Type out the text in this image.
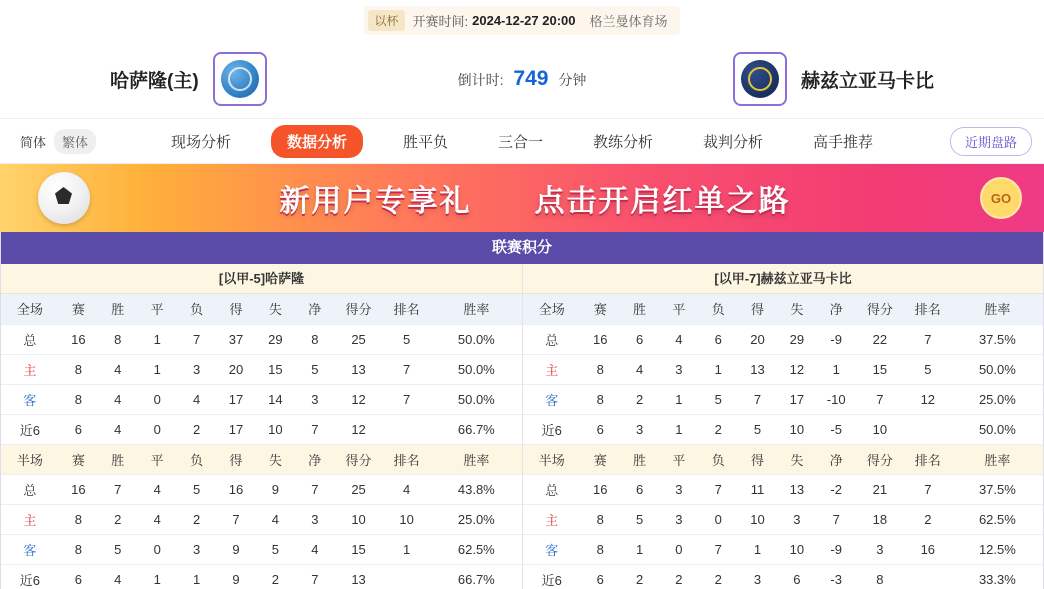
以杯	开赛时间: 2024-12-27 20:00 格兰曼体育场
哈萨隆(主)	倒计时: 749 分钟	赫兹立亚马卡比
简体	繁体	现场分析	数据分析	胜平负	三合一	教练分析	裁判分析	高手推荐	近期盘路
新用户专享礼 点击开启红单之路	GO
联赛积分
[以甲-5]哈萨隆
全场	赛	胜	平	负	得	失	净	得分	排名	胜率
总	16	8	1	7	37	29	8	25	5	50.0%
主	8	4	1	3	20	15	5	13	7	50.0%
客	8	4	0	4	17	14	3	12	7	50.0%
近6	6	4	0	2	17	10	7	12		66.7%
半场	赛	胜	平	负	得	失	净	得分	排名	胜率
总	16	7	4	5	16	9	7	25	4	43.8%
主	8	2	4	2	7	4	3	10	10	25.0%
客	8	5	0	3	9	5	4	15	1	62.5%
近6	6	4	1	1	9	2	7	13		66.7%
[以甲-7]赫兹立亚马卡比
全场	赛	胜	平	负	得	失	净	得分	排名	胜率
总	16	6	4	6	20	29	-9	22	7	37.5%
主	8	4	3	1	13	12	1	15	5	50.0%
客	8	2	1	5	7	17	-10	7	12	25.0%
近6	6	3	1	2	5	10	-5	10		50.0%
半场	赛	胜	平	负	得	失	净	得分	排名	胜率
总	16	6	3	7	11	13	-2	21	7	37.5%
主	8	5	3	0	10	3	7	18	2	62.5%
客	8	1	0	7	1	10	-9	3	16	12.5%
近6	6	2	2	2	3	6	-3	8		33.3%
